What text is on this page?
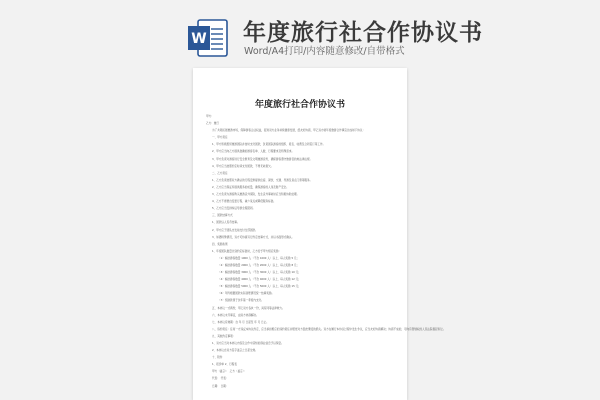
W 年度旅行社合作协议书
Word/A4打印/内容随意修改/自带格式
年度旅行社合作协议书
甲方：
乙方：旅行
为了共同拓展旅游市场，保障游客合法权益，促进双方业务持续健康发展，经友好协商，甲乙双方就年度旅游合作事宜达成如下协议：
一、甲方责任
1、甲方积极组织旅游团队并按时支付团款，负责团队游客的组织、报名、收费及合同签订等工作。
2、甲方应当向乙方提供准确的游客名单、人数、行程要求及特殊需求。
3、甲方负责对游客进行安全教育及文明旅游宣传，确保游客遵守旅游目的地法律法规。
4、甲方应当按照约定时间支付团款，不得无故拖欠。
二、乙方责任
1、乙方负责按照双方确认的行程安排提供住宿、餐饮、交通、导游及景点门票等服务。
2、乙方应当保证所提供服务的质量，确保游客的人身及财产安全。
3、乙方负责为游客购买旅游意外保险，发生意外事故时应当积极协助处理。
4、乙方不得擅自变更行程、减少景点或降低服务标准。
5、乙方应当安排持证导游全程陪同。
三、团款结算方式
1、团款以人民币结算。
2、甲方应于团队出发前支付全部团款。
3、如遇特殊情况，双方可协商另行约定结算方式，并以书面形式确认。
四、奖励政策
1、年度团队数量达到约定标准时，乙方给予甲方相应奖励：
（1）输送游客数量 1000 人（不含 1000 人）以上，每人奖励 5 元；
（2）输送游客数量 2000 人（不含 2000 人）以上，每人奖励 8 元；
（3）输送游客数量 3000 人（不含 3000 人）以上，每人奖励 10 元；
（4）输送游客数量 4000 人（不含 4000 人）以上，每人奖励 12 元；
（5）输送游客数量 5000 人（不含 5000 人）以上，每人奖励 15 元；
（6）年终根据团款实际到账情况统一结算奖励。
（7）奖励款项于次年第一季度内支付。
五、本协议一式两份，甲乙双方各执一份，具有同等法律效力。
六、本协议未尽事宜，由双方协商解决。
七、本协议有效期：自 年 月 日起至 年 月 日止。
八、违约责任：任何一方违反本协议约定，应当承担相应的违约责任并赔偿对方因此遭受的损失。双方在履行本协议过程中发生争议，应当友好协商解决；协商不成的，可向有管辖权的人民法院提起诉讼。
九、其他约定事项：
1、双方应当对本协议内容及合作中获知的商业信息予以保密。
2、本协议自双方签字盖章之日起生效。
十、附件
1、报价单 2、行程表
甲方（盖章）： 乙方（盖章）：
代表： 代表：
日期： 日期：
